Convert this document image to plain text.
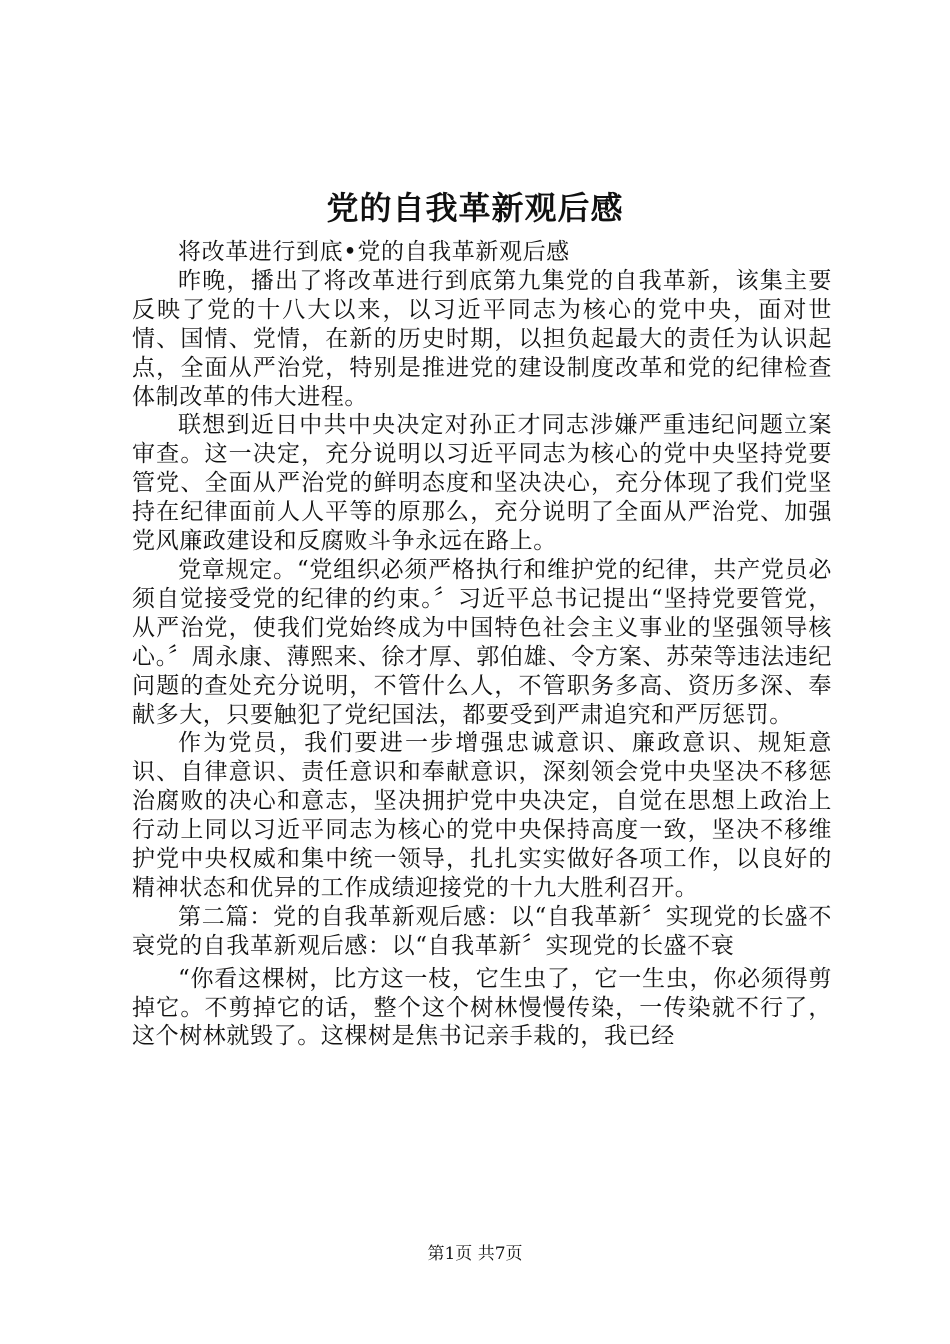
党的自我革新观后感

将改革进行到底•党的自我革新观后感

昨晚，播出了将改革进行到底第九集党的自我革新，该集主要反映了党的十八大以来，以习近平同志为核心的党中央，面对世情、国情、党情，在新的历史时期，以担负起最大的责任为认识起点，全面从严治党，特别是推进党的建设制度改革和党的纪律检查体制改革的伟大进程。

联想到近日中共中央决定对孙正才同志涉嫌严重违纪问题立案审查。这一决定，充分说明以习近平同志为核心的党中央坚持党要管党、全面从严治党的鲜明态度和坚决决心，充分体现了我们党坚持在纪律面前人人平等的原那么，充分说明了全面从严治党、加强党风廉政建设和反腐败斗争永远在路上。

党章规定。“党组织必须严格执行和维护党的纪律，共产党员必须自觉接受党的纪律的约束。〞习近平总书记提出“坚持党要管党，从严治党，使我们党始终成为中国特色社会主义事业的坚强领导核心。〞周永康、薄熙来、徐才厚、郭伯雄、令方案、苏荣等违法违纪问题的查处充分说明，不管什么人，不管职务多高、资历多深、奉献多大，只要触犯了党纪国法，都要受到严肃追究和严厉惩罚。

作为党员，我们要进一步增强忠诚意识、廉政意识、规矩意识、自律意识、责任意识和奉献意识，深刻领会党中央坚决不移惩治腐败的决心和意志，坚决拥护党中央决定，自觉在思想上政治上行动上同以习近平同志为核心的党中央保持高度一致，坚决不移维护党中央权威和集中统一领导，扎扎实实做好各项工作，以良好的精神状态和优异的工作成绩迎接党的十九大胜利召开。

第二篇：党的自我革新观后感：以“自我革新〞实现党的长盛不衰党的自我革新观后感：以“自我革新〞实现党的长盛不衰

“你看这棵树，比方这一枝，它生虫了，它一生虫，你必须得剪掉它。不剪掉它的话，整个这个树林慢慢传染，一传染就不行了，这个树林就毁了。这棵树是焦书记亲手栽的，我已经

第1页 共7页
